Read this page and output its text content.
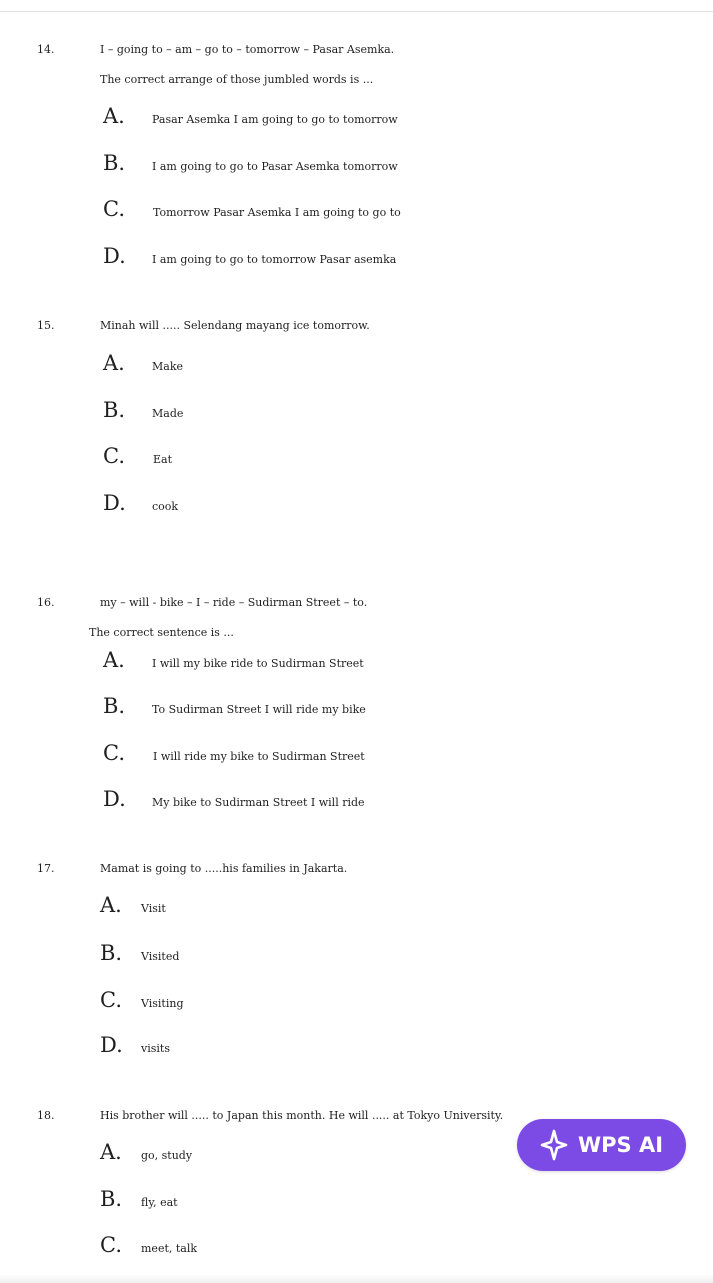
14.	I – going to – am – go to – tomorrow – Pasar Asemka.
The correct arrange of those jumbled words is ...
A. Pasar Asemka I am going to go to tomorrow
B. I am going to go to Pasar Asemka tomorrow
C.	Tomorrow Pasar Asemka I am going to go to
D. I am going to go to tomorrow Pasar asemka
15.	Minah will ..... Selendang mayang ice tomorrow.
A. Make
B. Made
C.	Eat
D. cook
16.	my – will - bike – I – ride – Sudirman Street – to.
The correct sentence is ...
A. I will my bike ride to Sudirman Street
B. To Sudirman Street I will ride my bike
C.	I will ride my bike to Sudirman Street
D. My bike to Sudirman Street I will ride
17.	Mamat is going to .....his families in Jakarta.
A. Visit
B. Visited
C. Visiting
D. visits
18.	His brother will ..... to Japan this month. He will ..... at Tokyo University.
A. go, study
B. fly, eat
C. meet, talk
WPS AI
